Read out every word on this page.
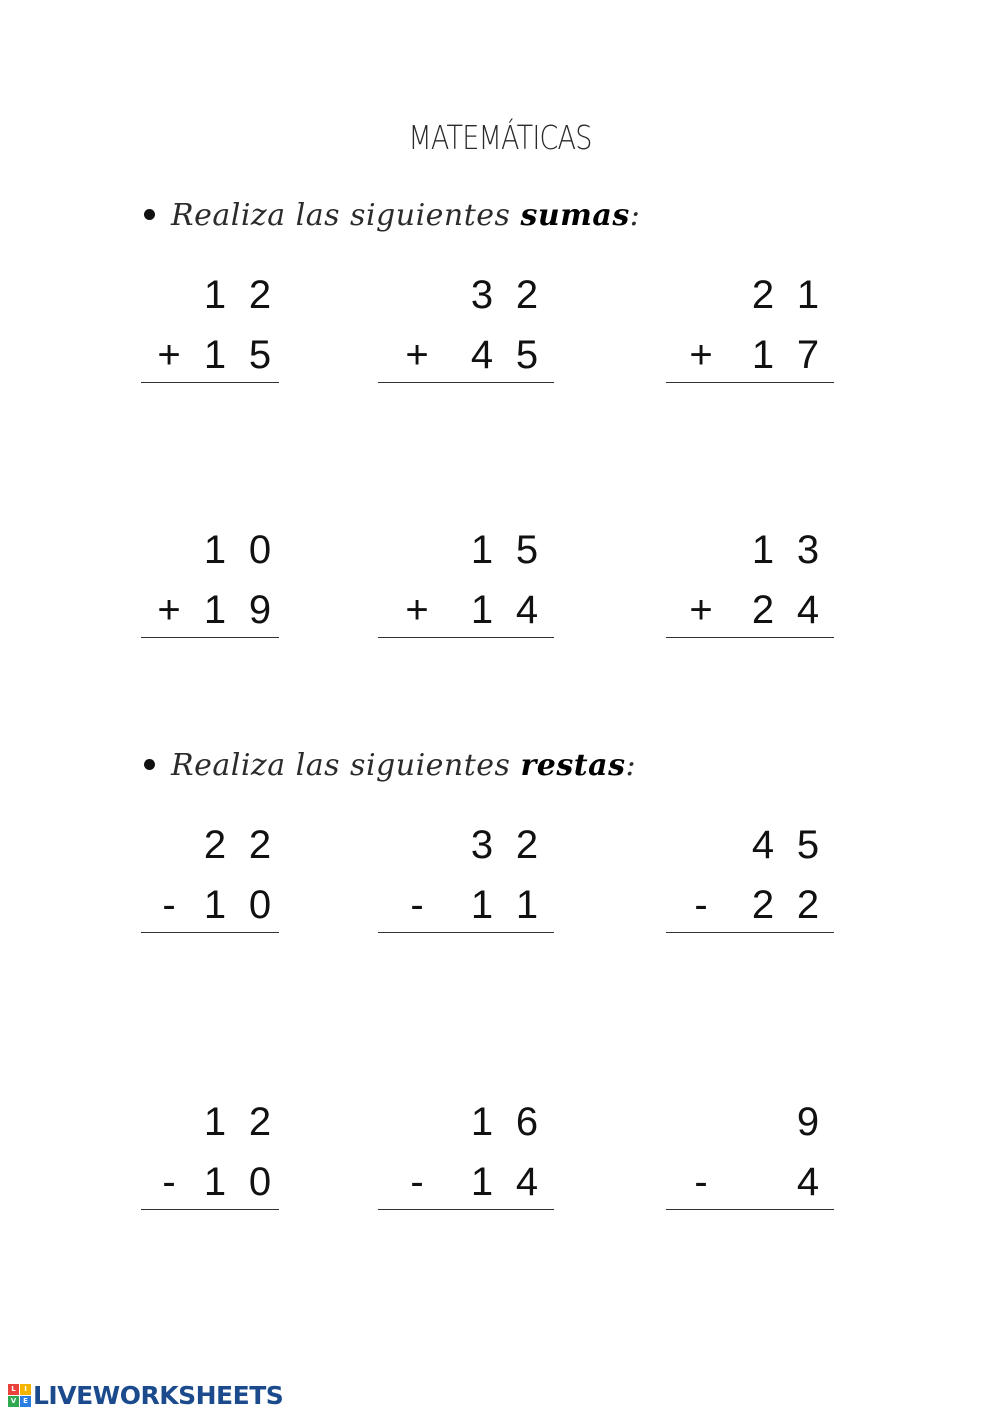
MATEMÁTICAS
Realiza las siguientes sumas:
Realiza las siguientes restas:
1 2
+ 1 5
3 2
+ 4 5
2 1
+ 1 7
1 0
+ 1 9
1 5
+ 1 4
1 3
+ 2 4
2 2
- 1 0
3 2
- 1 1
4 5
- 2 2
1 2
- 1 0
1 6
- 1 4
9
- 4
L	I
V E LIVEWORKSHEETS
